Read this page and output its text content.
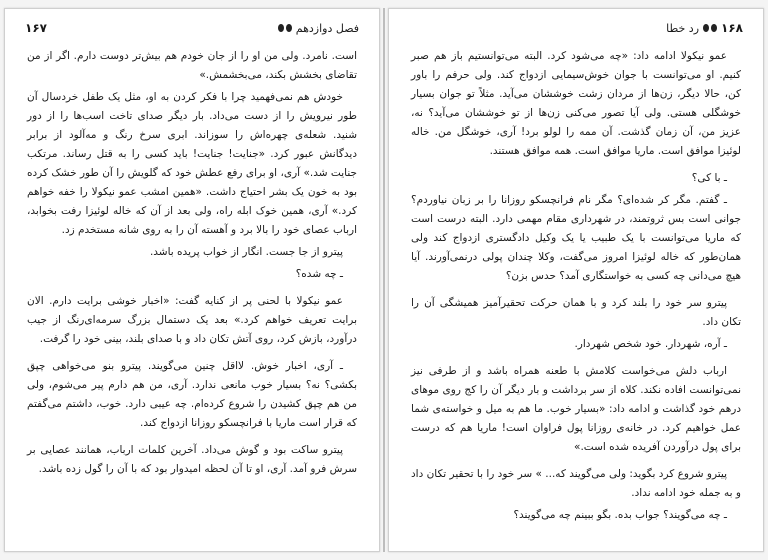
فصل دوازدهم
۱۶۷

است. نامرد. ولی من او را از جان خودم هم بیش‌تر دوست دارم. اگر از من تقاضای بخشش بکند، می‌بخشمش.»

خودش هم نمی‌فهمید چرا با فکر کردن به او، مثل یک طفل خردسال آن طور نیرویش را از دست می‌داد. بار دیگر صدای تاخت اسب‌ها را از دور شنید. شعله‌ی چهره‌اش را سوزاند. ابری سرخ رنگ و مه‌آلود از برابر دیدگانش عبور کرد. «جنایت! جنایت! باید کسی را به قتل رساند. مرتکب جنایت شد.» آری، او برای رفع عطش خود که گلویش را آن طور خشک کرده بود به خون یک بشر احتیاج داشت. «همین امشب عمو نیکولا را خفه خواهم کرد.» آری، همین خوک ابله راه، ولی بعد از آن که خاله لوئیزا رفت بخوابد، ارباب عصای خود را بالا برد و آهسته آن را به روی شانه مستخدم زد.

پیترو از جا جست. انگار از خواب پریده باشد.

ـ چه شده؟

عمو نیکولا با لحنی پر از کنایه گفت: «اخبار خوشی برایت دارم. الان برایت تعریف خواهم کرد.» بعد یک دستمال بزرگ سرمه‌ای‌رنگ از جیب درآورد، بازش کرد، روی آتش تکان داد و با صدای بلند، بینی خود را گرفت.

ـ آری، اخبار خوش. لااقل چنین می‌گویند. پیترو بنو می‌خواهی چپق بکشی؟ نه؟ بسیار خوب مانعی ندارد. آری، من هم دارم پیر می‌شوم، ولی من هم چپق کشیدن را شروع کرده‌ام. چه عیبی دارد. خوب، داشتم می‌گفتم که قرار است ماریا با فرانچسکو روزانا ازدواج کند.

پیترو ساکت بود و گوش می‌داد. آخرین کلمات ارباب، همانند عصایی بر سرش فرو آمد. آری، او تا آن لحظه امیدوار بود که با آن را گول زده باشد.

۱۶۸
رد خطا

عمو نیکولا ادامه داد: «چه می‌شود کرد. البته می‌توانستیم باز هم صبر کنیم. او می‌توانست با جوان خوش‌سیمایی ازدواج کند. ولی حرفم را باور کن، حالا دیگر، زن‌ها از مردان زشت خوششان می‌آید. مثلاً تو جوان بسیار خوشگلی هستی. ولی آیا تصور می‌کنی زن‌ها از تو خوششان می‌آید؟ نه، عزیز من، آن زمان گذشت. آن ممه را لولو برد! آری، خوشگل من. خاله لوئیزا موافق است. ماریا موافق است. همه موافق هستند.

ـ با کی؟

ـ گفتم. مگر کر شده‌ای؟ مگر نام فرانچسکو روزانا را بر زبان نیاوردم؟ جوانی است بس ثروتمند، در شهرداری مقام مهمی دارد. البته درست است که ماریا می‌توانست با یک طبیب یا یک وکیل دادگستری ازدواج کند ولی همان‌طور که خاله لوئیزا امروز می‌گفت، وکلا چندان پولی درنمی‌آورند. آیا هیچ می‌دانی چه کسی به خواستگاری آمد؟ حدس بزن؟

پیترو سر خود را بلند کرد و با همان حرکت تحقیرآمیز همیشگی آن را تکان داد.

ـ آره، شهردار. خود شخص شهردار.

ارباب دلش می‌خواست کلامش با طعنه همراه باشد و از طرفی نیز نمی‌توانست افاده نکند. کلاه از سر برداشت و بار دیگر آن را کج روی موهای درهم خود گذاشت و ادامه داد: «بسیار خوب. ما هم به میل و خواسته‌ی شما عمل خواهیم کرد. در خانه‌ی روزانا پول فراوان است! ماریا هم که درست برای پول درآوردن آفریده شده است.»

پیترو شروع کرد بگوید: ولی می‌گویند که... » سر خود را با تحقیر تکان داد و به جمله خود ادامه نداد.

ـ چه می‌گویند؟ جواب بده. بگو ببینم چه می‌گویند؟
